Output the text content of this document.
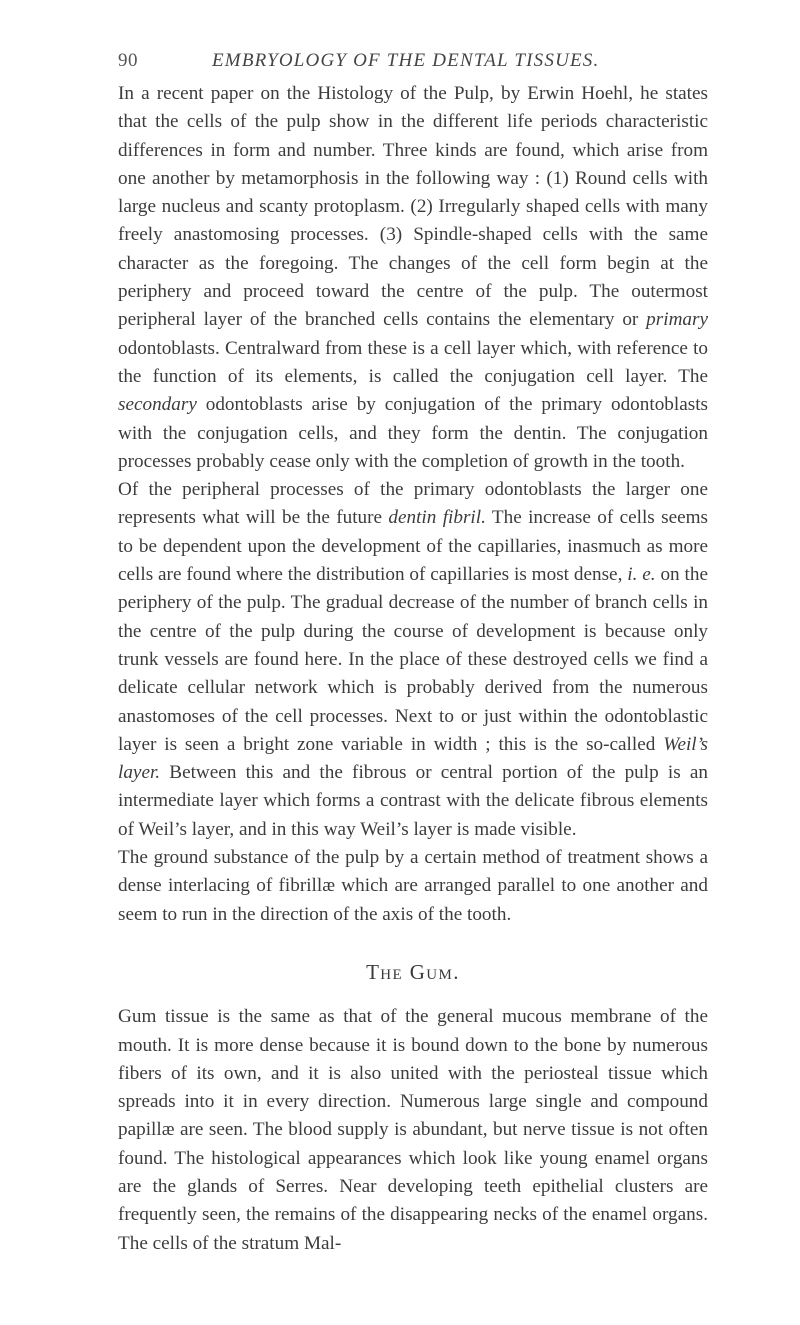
90	EMBRYOLOGY OF THE DENTAL TISSUES.

In a recent paper on the Histology of the Pulp, by Erwin Hoehl, he states that the cells of the pulp show in the different life periods characteristic differences in form and number. Three kinds are found, which arise from one another by metamorphosis in the following way : (1) Round cells with large nucleus and scanty protoplasm. (2) Irregularly shaped cells with many freely anastomosing processes. (3) Spindle-shaped cells with the same character as the foregoing. The changes of the cell form begin at the periphery and proceed toward the centre of the pulp. The outermost peripheral layer of the branched cells contains the elementary or primary odontoblasts. Centralward from these is a cell layer which, with reference to the function of its elements, is called the conjugation cell layer. The secondary odontoblasts arise by conjugation of the primary odontoblasts with the conjugation cells, and they form the dentin. The conjugation processes probably cease only with the completion of growth in the tooth.

Of the peripheral processes of the primary odontoblasts the larger one represents what will be the future dentin fibril. The increase of cells seems to be dependent upon the development of the capillaries, inasmuch as more cells are found where the distribution of capillaries is most dense, i. e. on the periphery of the pulp. The gradual decrease of the number of branch cells in the centre of the pulp during the course of development is because only trunk vessels are found here. In the place of these destroyed cells we find a delicate cellular network which is probably derived from the numerous anastomoses of the cell processes. Next to or just within the odontoblastic layer is seen a bright zone variable in width ; this is the so-called Weil’s layer. Between this and the fibrous or central portion of the pulp is an intermediate layer which forms a contrast with the delicate fibrous elements of Weil’s layer, and in this way Weil’s layer is made visible.

The ground substance of the pulp by a certain method of treatment shows a dense interlacing of fibrillæ which are arranged parallel to one another and seem to run in the direction of the axis of the tooth.

The Gum.

Gum tissue is the same as that of the general mucous membrane of the mouth. It is more dense because it is bound down to the bone by numerous fibers of its own, and it is also united with the periosteal tissue which spreads into it in every direction. Numerous large single and compound papillæ are seen. The blood supply is abundant, but nerve tissue is not often found. The histological appearances which look like young enamel organs are the glands of Serres. Near developing teeth epithelial clusters are frequently seen, the remains of the disappearing necks of the enamel organs. The cells of the stratum Mal-
